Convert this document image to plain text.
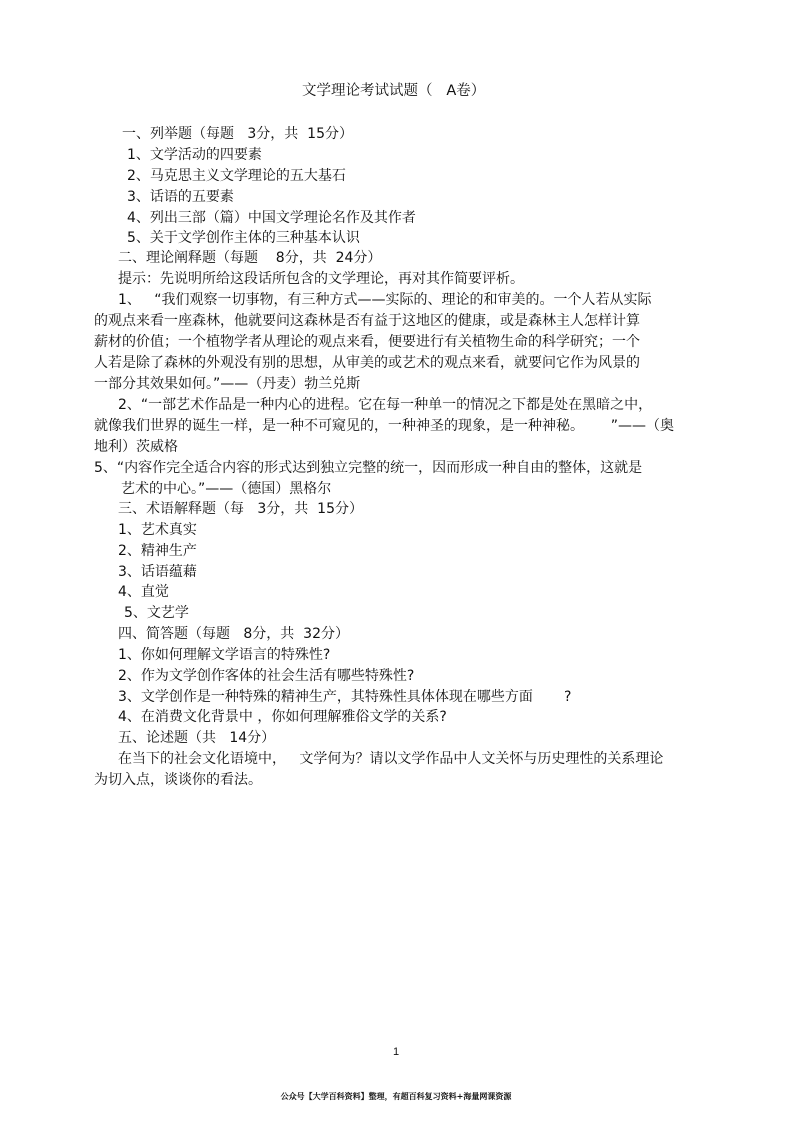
文学理论考试试题（   A卷）
一、列举题（每题   3分，共  15分）
1、文学活动的四要素
2、马克思主义文学理论的五大基石
3、话语的五要素
4、列出三部（篇）中国文学理论名作及其作者
5、关于文学创作主体的三种基本认识
二、理论阐释题（每题    8分，共  24分）
提示：先说明所给这段话所包含的文学理论，再对其作简要评析。
1、   “我们观察一切事物，有三种方式——实际的、理论的和审美的。一个人若从实际
的观点来看一座森林，他就要问这森林是否有益于这地区的健康，或是森林主人怎样计算
薪材的价值；一个植物学者从理论的观点来看，便要进行有关植物生命的科学研究；一个
人若是除了森林的外观没有别的思想，从审美的或艺术的观点来看，就要问它作为风景的
一部分其效果如何。”——（丹麦）勃兰兑斯
2、“一部艺术作品是一种内心的进程。它在每一种单一的情况之下都是处在黑暗之中，
就像我们世界的诞生一样，是一种不可窥见的，一种神圣的现象，是一种神秘。      ”——（奥
地利）茨威格
5、“内容作完全适合内容的形式达到独立完整的统一，因而形成一种自由的整体，这就是
艺术的中心。”——（德国）黑格尔
三、术语解释题（每   3分，共  15分）
1、艺术真实
2、精神生产
3、话语蕴藉
4、直觉
5、文艺学
四、简答题（每题   8分，共  32分）
1、你如何理解文学语言的特殊性?
2、作为文学创作客体的社会生活有哪些特殊性?
3、文学创作是一种特殊的精神生产，其特殊性具体体现在哪些方面       ?
4、在消费文化背景中 ，你如何理解雅俗文学的关系?
五、论述题（共   14分）
在当下的社会文化语境中，   文学何为？请以文学作品中人文关怀与历史理性的关系理论
为切入点，谈谈你的看法。
1
公众号【大学百科资料】整理，有超百科复习资料+海量网课资源
